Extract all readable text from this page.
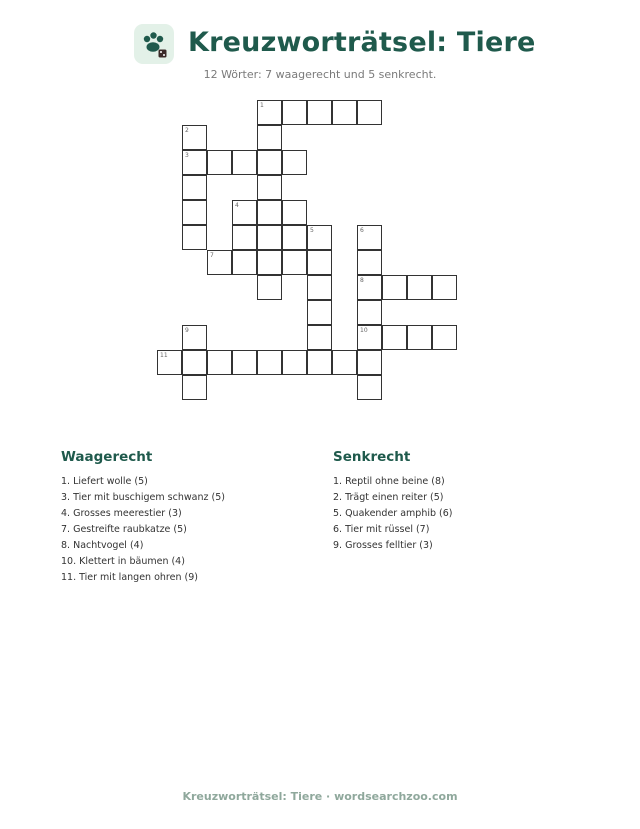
Kreuzworträtsel: Tiere
12 Wörter: 7 waagerecht und 5 senkrecht.
1
2
3
4
5	6
8
10
7
9
11
Waagerecht
1. Liefert wolle (5)
3. Tier mit buschigem schwanz (5)
4. Grosses meerestier (3)
7. Gestreifte raubkatze (5)
8. Nachtvogel (4)
10. Klettert in bäumen (4)
11. Tier mit langen ohren (9)
Senkrecht
1. Reptil ohne beine (8)
2. Trägt einen reiter (5)
5. Quakender amphib (6)
6. Tier mit rüssel (7)
9. Grosses felltier (3)
Kreuzworträtsel: Tiere · wordsearchzoo.com
